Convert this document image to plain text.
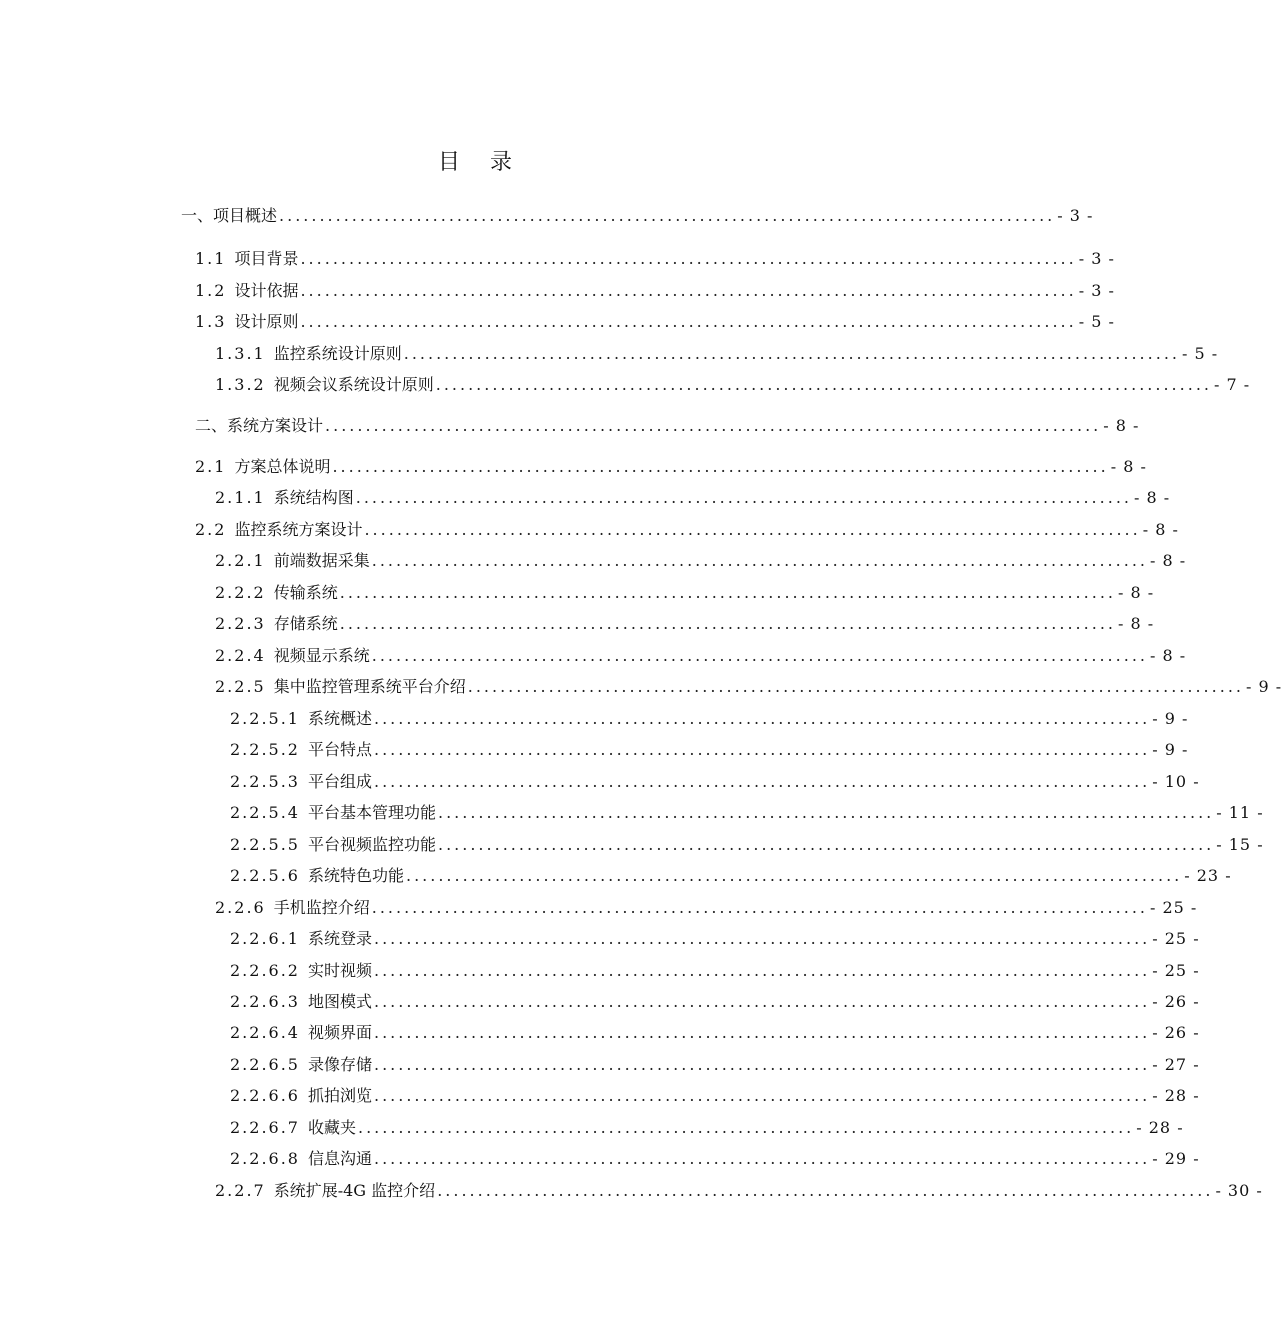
目 录
一、项目概述 ................................................................................................ - 3 -
1.1 项目背景 ................................................................................................ - 3 -
1.2 设计依据 ................................................................................................ - 3 -
1.3 设计原则 ................................................................................................ - 5 -
1.3.1 监控系统设计原则 ................................................................................................ - 5 -
1.3.2 视频会议系统设计原则 ................................................................................................ - 7 -
二、系统方案设计 ................................................................................................ - 8 -
2.1 方案总体说明 ................................................................................................ - 8 -
2.1.1 系统结构图 ................................................................................................ - 8 -
2.2 监控系统方案设计 ................................................................................................ - 8 -
2.2.1 前端数据采集 ................................................................................................ - 8 -
2.2.2 传输系统 ................................................................................................ - 8 -
2.2.3 存储系统 ................................................................................................ - 8 -
2.2.4 视频显示系统 ................................................................................................ - 8 -
2.2.5 集中监控管理系统平台介绍 ................................................................................................ - 9 -
2.2.5.1 系统概述 ................................................................................................ - 9 -
2.2.5.2 平台特点 ................................................................................................ - 9 -
2.2.5.3 平台组成 ................................................................................................ - 10 -
2.2.5.4 平台基本管理功能 ................................................................................................ - 11 -
2.2.5.5 平台视频监控功能 ................................................................................................ - 15 -
2.2.5.6 系统特色功能 ................................................................................................ - 23 -
2.2.6 手机监控介绍 ................................................................................................ - 25 -
2.2.6.1 系统登录 ................................................................................................ - 25 -
2.2.6.2 实时视频 ................................................................................................ - 25 -
2.2.6.3 地图模式 ................................................................................................ - 26 -
2.2.6.4 视频界面 ................................................................................................ - 26 -
2.2.6.5 录像存储 ................................................................................................ - 27 -
2.2.6.6 抓拍浏览 ................................................................................................ - 28 -
2.2.6.7 收藏夹 ................................................................................................ - 28 -
2.2.6.8 信息沟通 ................................................................................................ - 29 -
2.2.7 系统扩展-4G 监控介绍 ................................................................................................ - 30 -
